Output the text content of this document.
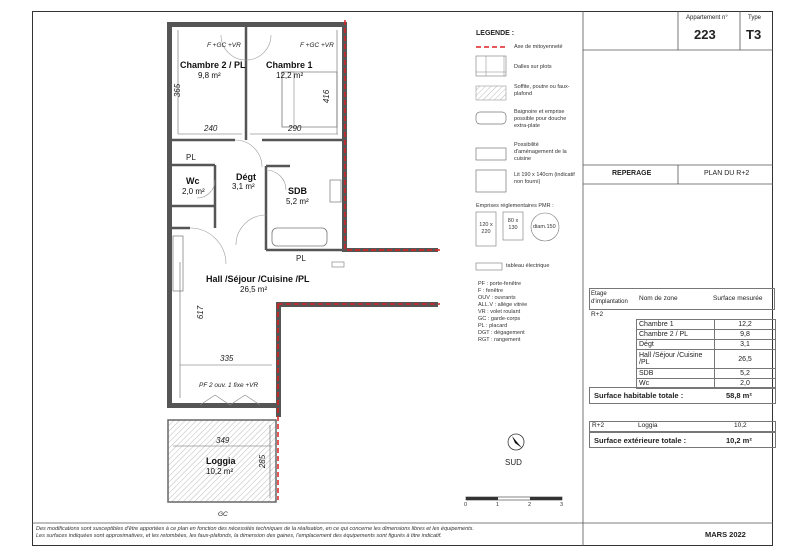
Chambre 2 / PL
9,8 m²
Chambre 1
12,2 m²
Dégt
3,1 m²
Wc
2,0 m²	SDB
5,2 m²
Hall /Séjour /Cuisine /PL
26,5 m²
Loggia
10,2 m²
365
240	290
416
617
335
349
285
F +GC +VR	F +GC +VR
PL
PL
PF 2 ouv. 1 fixe +VR
GC
LEGENDE :
Axe de mitoyenneté
Dalles sur plots
Soffite, poutre ou faux-plafond
Baignoire et emprise possible pour douche extra-plate
Possibilité d'aménagement de la cuisine
Lit 190 x 140cm (indicatif non fourni)
Emprises réglementaires PMR :
120 x 220
80 x 130	diam.150
tableau électrique
PF : porte-fenêtre
F : fenêtre
OUV : ouvrants
ALL.V : allège vitrée
VR : volet roulant
GC : garde-corps
PL : placard
DGT : dégagement
RGT : rangement
SUD
0	1	2	3
Appartement n°
223
Type
T3
REPERAGE	PLAN DU R+2
Etage d'implantation	Nom de zone	Surface mesurée
R+2
Chambre 1	12,2
Chambre 2 / PL	9,8
Dégt	3,1
Hall /Séjour /Cuisine /PL	26,5
SDB	5,2
Wc	2,0
Surface habitable totale :	58,8 m²
R+2	Loggia	10,2
Surface extérieure totale :	10,2 m²
Des modifications sont susceptibles d'être apportées à ce plan en fonction des nécessités techniques de la réalisation, en ce qui concerne les dimensions libres et les équipements.
Les surfaces indiquées sont approximatives, et les retombées, les faux-plafonds, la dimension des gaines, l'emplacement des équipements sont figurés à titre indicatif.	MARS 2022
